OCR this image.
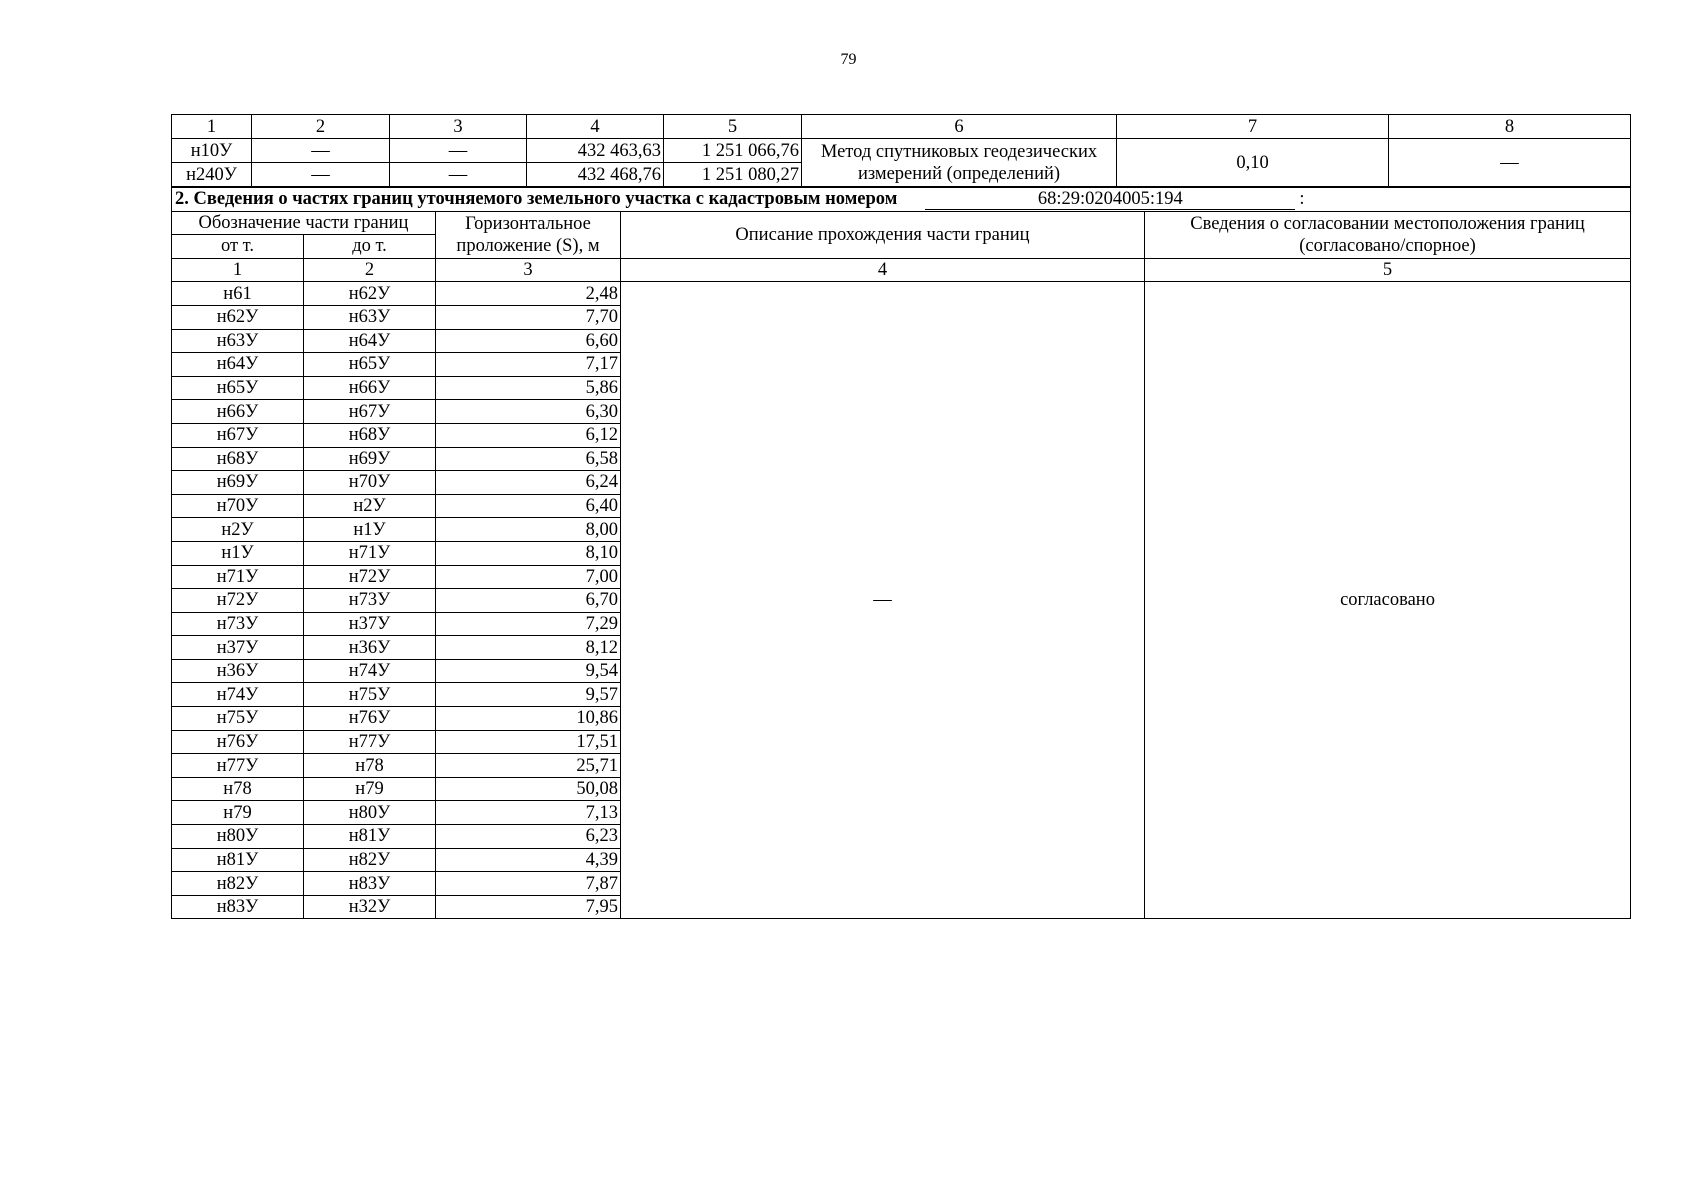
79
1	2	3	4	5	6	7	8
н10У	—	—	432 463,63	1 251 066,76	Метод спутниковых геодезических измерений (определений)	0,10	—
н240У	—	—	432 468,76	1 251 080,27			
2. Сведения о частях границ уточняемого земельного участка с кадастровым номером 68:29:0204005:194 :				
Обозначение части границ		Горизонтальное проложение (S), м	Описание прохождения части границ	Сведения о согласовании местоположения границ (согласовано/спорное)
от т.	до т.			
1	2	3	4	5
н61	н62У	2,48	—	согласовано
н62У	н63У	7,70		
н63У	н64У	6,60		
н64У	н65У	7,17		
н65У	н66У	5,86		
н66У	н67У	6,30		
н67У	н68У	6,12		
н68У	н69У	6,58		
н69У	н70У	6,24		
н70У	н2У	6,40		
н2У	н1У	8,00		
н1У	н71У	8,10		
н71У	н72У	7,00		
н72У	н73У	6,70		
н73У	н37У	7,29		
н37У	н36У	8,12		
н36У	н74У	9,54		
н74У	н75У	9,57		
н75У	н76У	10,86		
н76У	н77У	17,51		
н77У	н78	25,71		
н78	н79	50,08		
н79	н80У	7,13		
н80У	н81У	6,23		
н81У	н82У	4,39		
н82У	н83У	7,87		
н83У	н32У	7,95		
